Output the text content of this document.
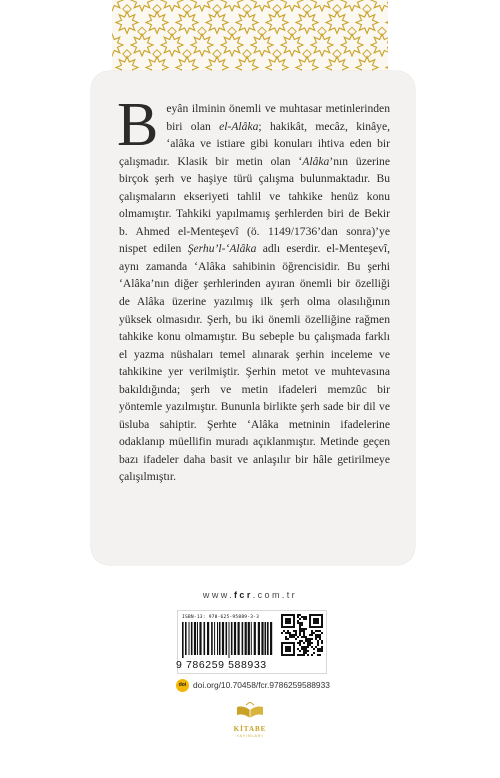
Beyân ilminin önemli ve muhtasar metinlerinden biri olan el-Alâka; hakikât, mecâz, kinâye, ‘alâka ve istiare gibi konuları ihtiva eden bir çalışmadır. Klasik bir metin olan ‘Alâka’nın üzerine birçok şerh ve haşiye türü çalışma bulunmaktadır. Bu çalışmaların ekseriyeti tahlil ve tahkike henüz konu olmamıştır. Tahkiki yapılmamış şerhlerden biri de Bekir b. Ahmed el-Menteşevî (ö. 1149/1736’dan sonra)’ye nispet edilen Şerhu’l-‘Alâka adlı eserdir. el-Menteşevî, aynı zamanda ‘Alâka sahibinin öğrencisidir. Bu şerhi ‘Alâka’nın diğer şerhlerinden ayıran önemli bir özelliği de Alâka üzerine yazılmış ilk şerh olma olasılığının yüksek olmasıdır. Şerh, bu iki önemli özelliğine rağmen tahkike konu olmamıştır. Bu sebeple bu çalışmada farklı el yazma nüshaları temel alınarak şerhin inceleme ve tahkikine yer verilmiştir. Şerhin metot ve muhtevasına bakıldığında; şerh ve metin ifadeleri memzûc bir yöntemle yazılmıştır. Bununla birlikte şerh sade bir dil ve üsluba sahiptir. Şerhte ‘Alâka metninin ifadelerine odaklanıp müellifin muradı açıklanmıştır. Metinde geçen bazı ifadeler daha basit ve anlaşılır bir hâle getirilmeye çalışılmıştır.

www.fcr.com.tr
ISBN-13: 978-625-95889-3-3
9 786259 588933
doi doi.org/10.70458/fcr.9786259588933
KİTABE
YAYINLARI
